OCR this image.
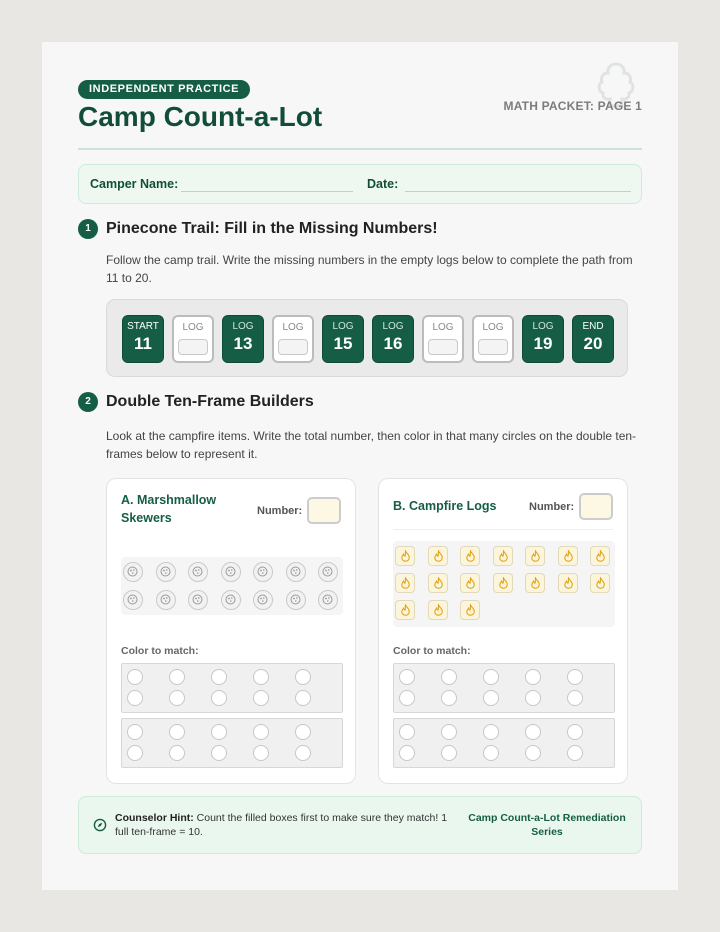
INDEPENDENT PRACTICE
Camp Count-a-Lot	MATH PACKET: PAGE 1
Camper Name:	Date:
1 Pinecone Trail: Fill in the Missing Numbers!

Follow the camp trail. Write the missing numbers in the empty logs below to complete the path from 11 to 20.

START
11
LOG	LOG
13
LOG	LOG
15
LOG
16
LOG	LOG	LOG
19
END
20
2 Double Ten-Frame Builders

Look at the campfire items. Write the total number, then color in that many circles on the double ten-frames below to represent it.

A. Marshmallow Skewers	Number:
Color to match:

B. Campfire Logs	Number:
Color to match:

Counselor Hint: Count the filled boxes first to make sure they match! 1 full ten-frame = 10.

Camp Count-a-Lot Remediation Series
